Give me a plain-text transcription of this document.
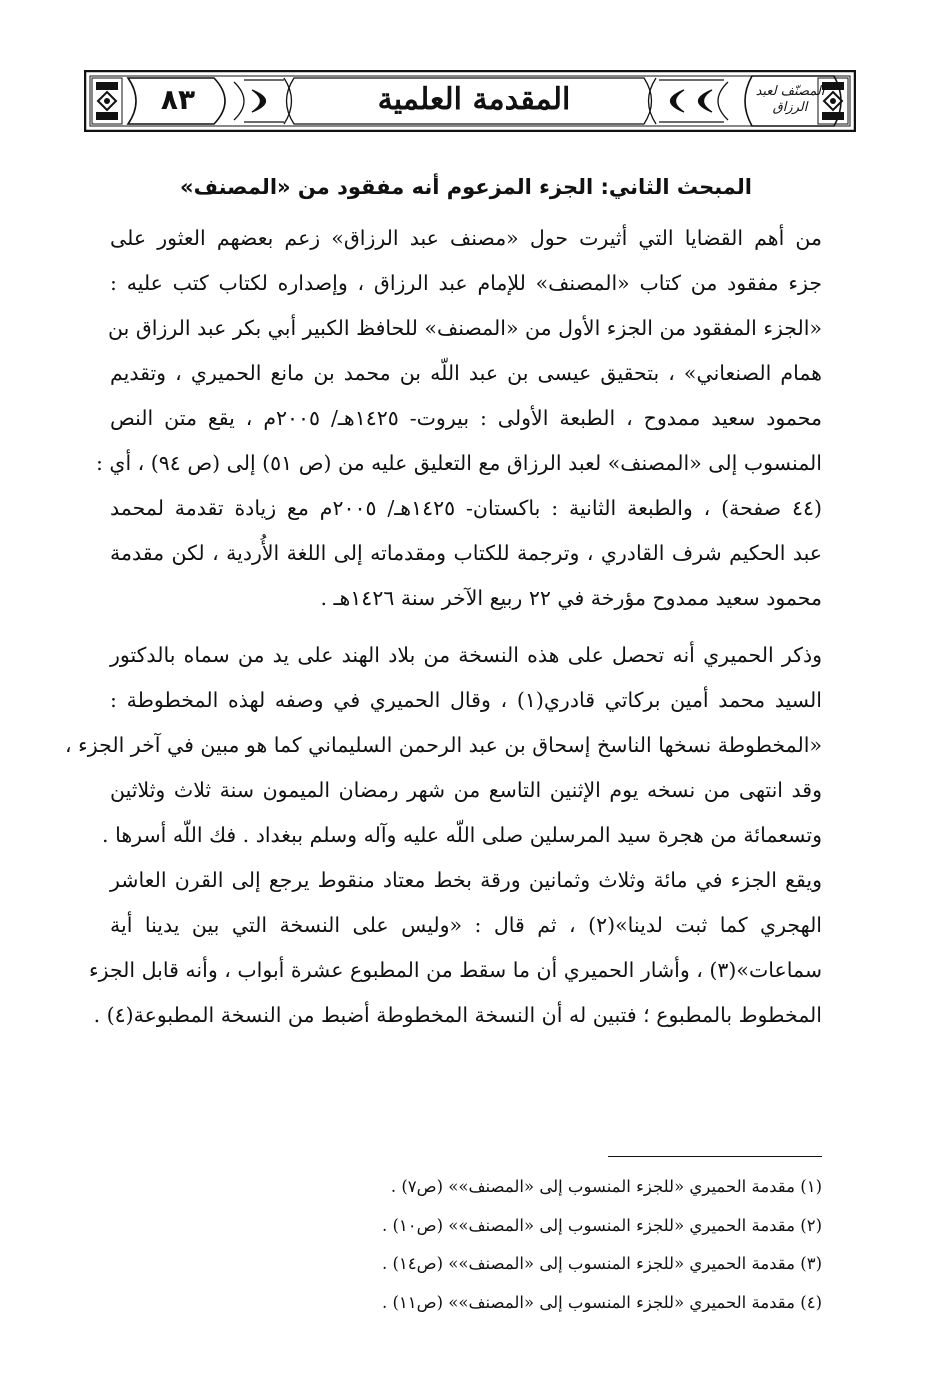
٨٣	المقدمة العلمية	المصنّف لعبد الرزاق
المبحث الثاني: الجزء المزعوم أنه مفقود من «المصنف»

من أهم القضايا التي أثيرت حول «مصنف عبد الرزاق» زعم بعضهم العثور على
جزء مفقود من كتاب «المصنف» للإمام عبد الرزاق ، وإصداره لكتاب كتب عليه :
«الجزء المفقود من الجزء الأول من «المصنف» للحافظ الكبير أبي بكر عبد الرزاق بن
همام الصنعاني» ، بتحقيق عيسى بن عبد اللّه بن محمد بن مانع الحميري ، وتقديم
محمود سعيد ممدوح ، الطبعة الأولى : بيروت- ١٤٢٥هـ/ ٢٠٠٥م ، يقع متن النص
المنسوب إلى «المصنف» لعبد الرزاق مع التعليق عليه من (ص ٥١) إلى (ص ٩٤) ، أي :
(٤٤ صفحة) ، والطبعة الثانية : باكستان- ١٤٢٥هـ/ ٢٠٠٥م مع زيادة تقدمة لمحمد
عبد الحكيم شرف القادري ، وترجمة للكتاب ومقدماته إلى اللغة الأُردية ، لكن مقدمة
محمود سعيد ممدوح مؤرخة في ٢٢ ربيع الآخر سنة ١٤٢٦هـ .

وذكر الحميري أنه تحصل على هذه النسخة من بلاد الهند على يد من سماه بالدكتور
السيد محمد أمين بركاتي قادري(١) ، وقال الحميري في وصفه لهذه المخطوطة :
«المخطوطة نسخها الناسخ إسحاق بن عبد الرحمن السليماني كما هو مبين في آخر الجزء ،
وقد انتهى من نسخه يوم الإثنين التاسع من شهر رمضان الميمون سنة ثلاث وثلاثين
وتسعمائة من هجرة سيد المرسلين صلى اللّه عليه وآله وسلم ببغداد . فك اللّه أسرها .
ويقع الجزء في مائة وثلاث وثمانين ورقة بخط معتاد منقوط يرجع إلى القرن العاشر
الهجري كما ثبت لدينا»(٢) ، ثم قال : «وليس على النسخة التي بين يدينا أية
سماعات»(٣) ، وأشار الحميري أن ما سقط من المطبوع عشرة أبواب ، وأنه قابل الجزء
المخطوط بالمطبوع ؛ فتبين له أن النسخة المخطوطة أضبط من النسخة المطبوعة(٤) .

(١) مقدمة الحميري «للجزء المنسوب إلى «المصنف»» (ص٧) .
(٢) مقدمة الحميري «للجزء المنسوب إلى «المصنف»» (ص١٠) .
(٣) مقدمة الحميري «للجزء المنسوب إلى «المصنف»» (ص١٤) .
(٤) مقدمة الحميري «للجزء المنسوب إلى «المصنف»» (ص١١) .
